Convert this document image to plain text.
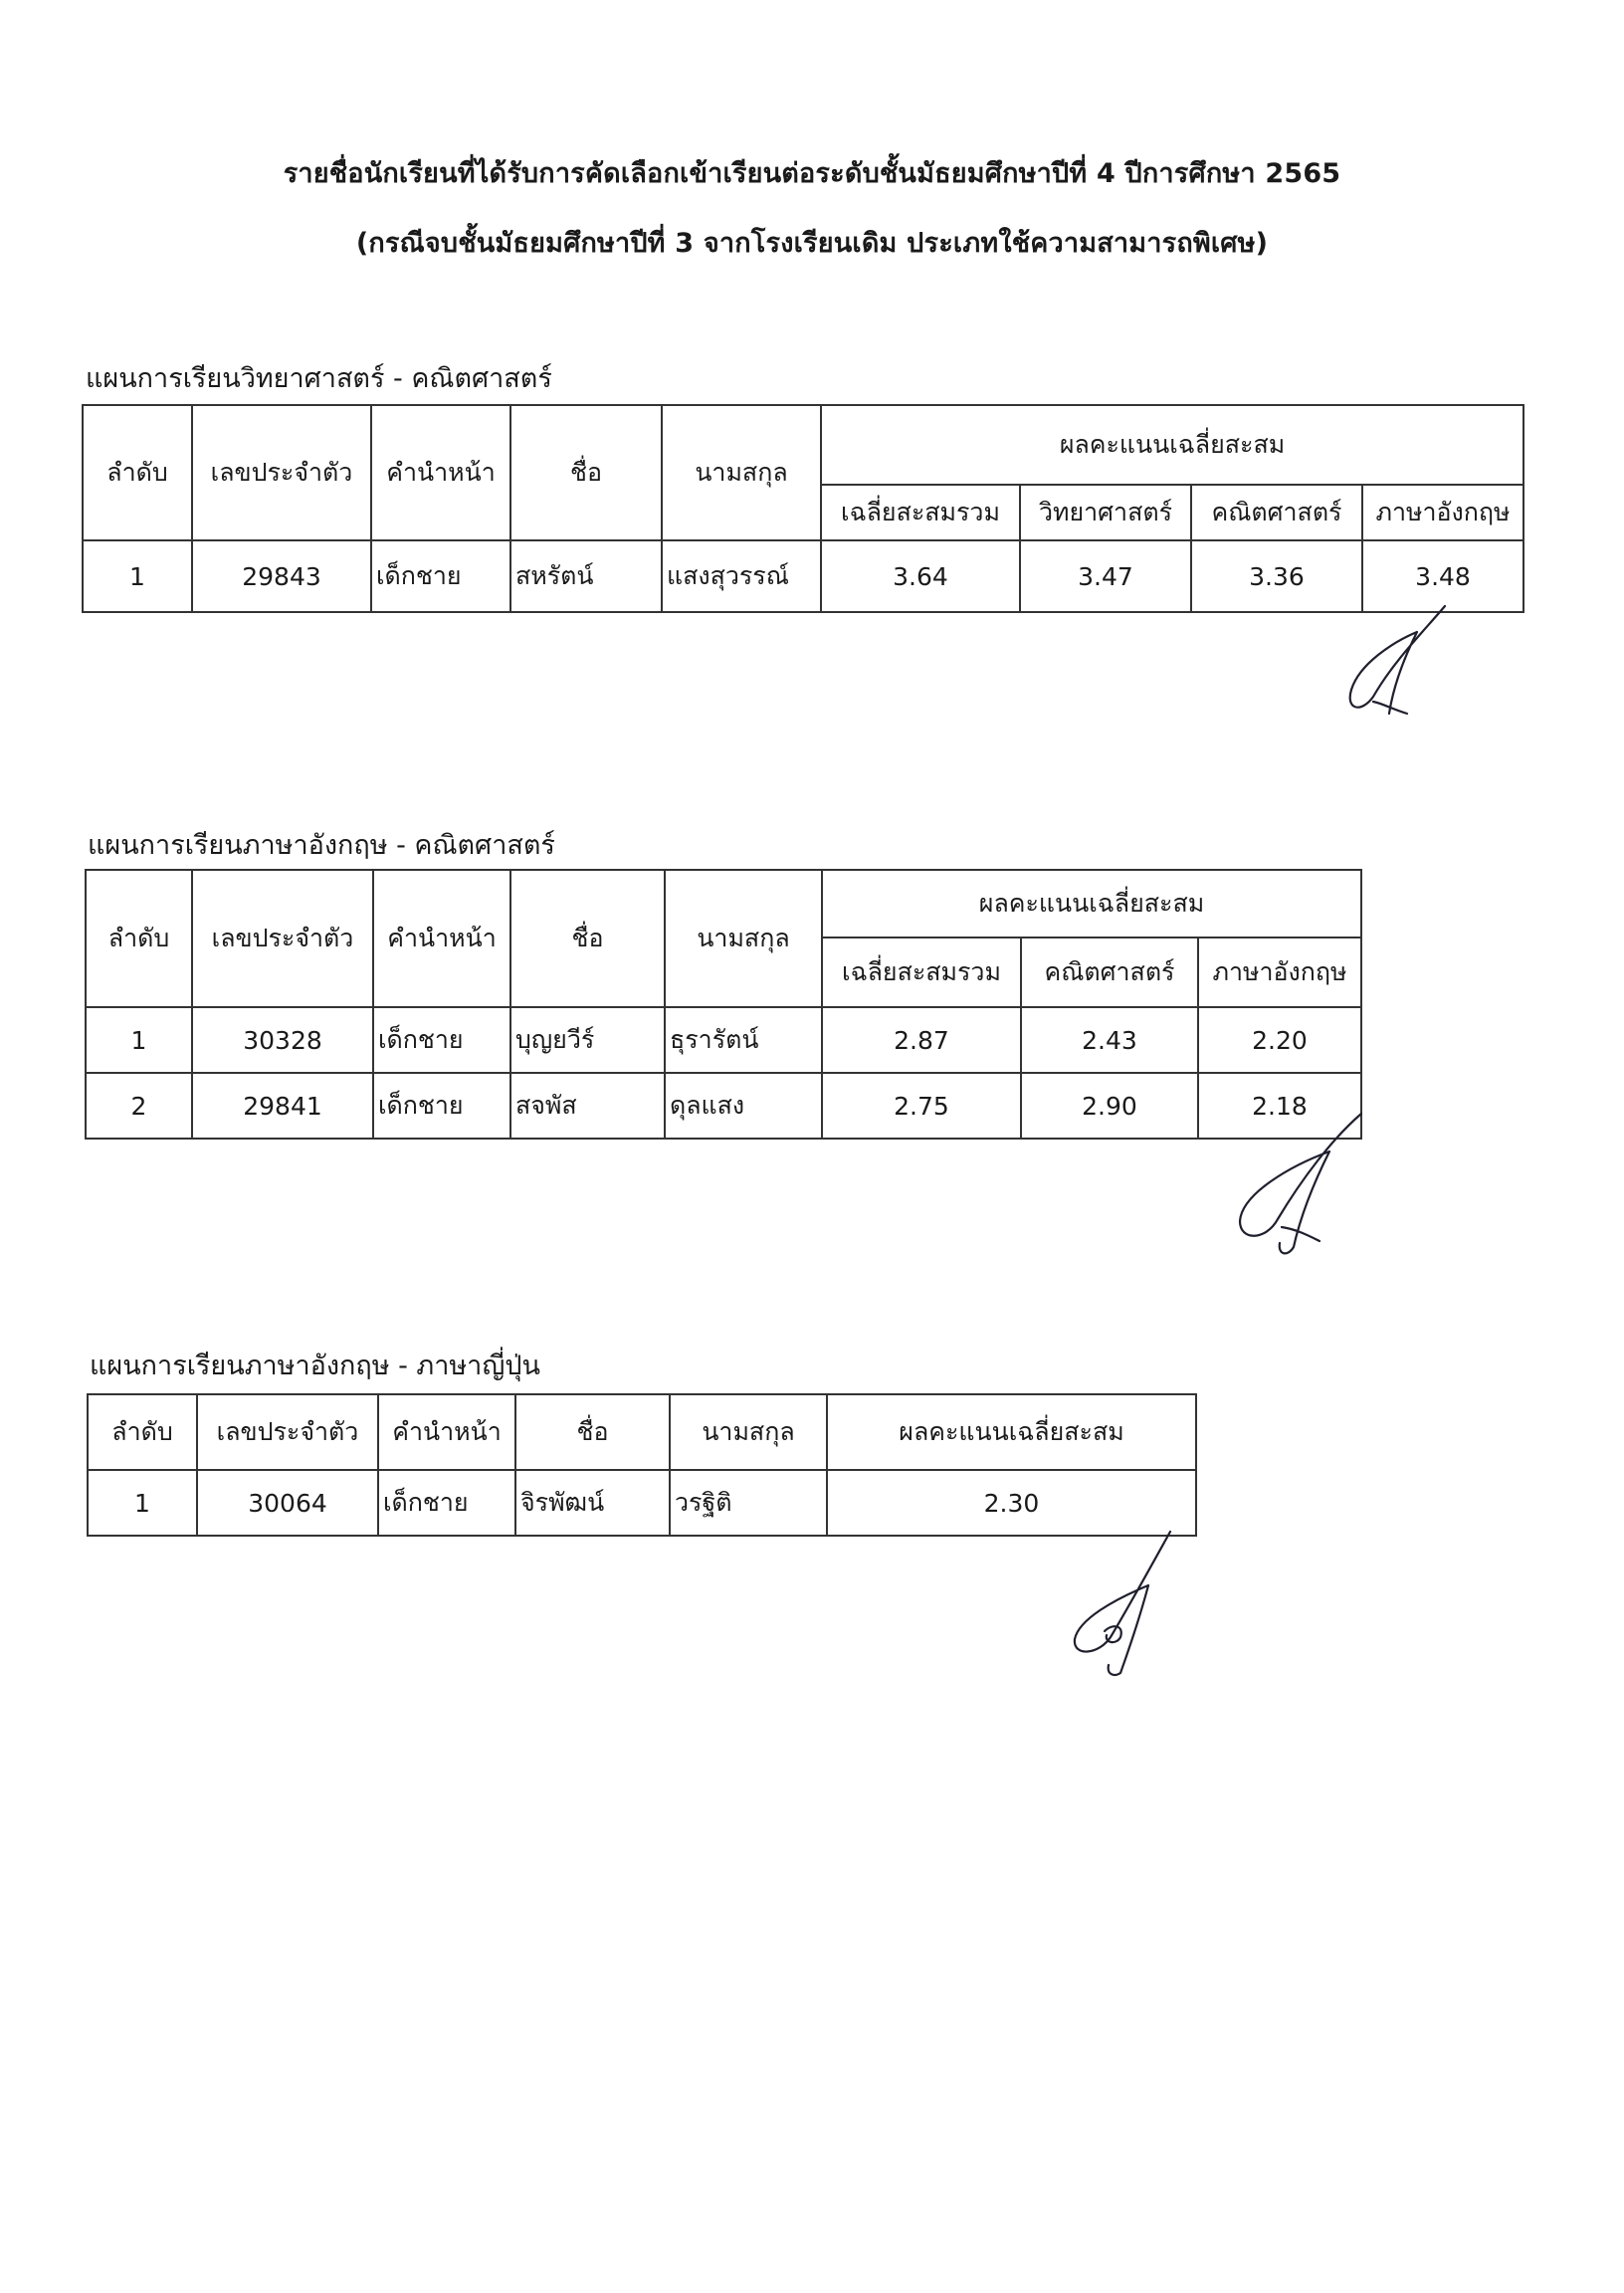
รายชื่อนักเรียนที่ได้รับการคัดเลือกเข้าเรียนต่อระดับชั้นมัธยมศึกษาปีที่ 4 ปีการศึกษา 2565
(กรณีจบชั้นมัธยมศึกษาปีที่ 3 จากโรงเรียนเดิม ประเภทใช้ความสามารถพิเศษ)
แผนการเรียนวิทยาศาสตร์ - คณิตศาสตร์
ลำดับ	เลขประจำตัว	คำนำหน้า	ชื่อ	นามสกุล	ผลคะแนนเฉลี่ยสะสม			
					เฉลี่ยสะสมรวม	วิทยาศาสตร์	คณิตศาสตร์	ภาษาอังกฤษ
1	29843	เด็กชาย	สหรัตน์	แสงสุวรรณ์	3.64	3.47	3.36	3.48
แผนการเรียนภาษาอังกฤษ - คณิตศาสตร์
ลำดับ	เลขประจำตัว	คำนำหน้า	ชื่อ	นามสกุล	ผลคะแนนเฉลี่ยสะสม		
					เฉลี่ยสะสมรวม	คณิตศาสตร์	ภาษาอังกฤษ
1	30328	เด็กชาย	บุญยวีร์	ธุรารัตน์	2.87	2.43	2.20
2	29841	เด็กชาย	สจพัส	ดุลแสง	2.75	2.90	2.18
แผนการเรียนภาษาอังกฤษ - ภาษาญี่ปุ่น
ลำดับ	เลขประจำตัว	คำนำหน้า	ชื่อ	นามสกุล	ผลคะแนนเฉลี่ยสะสม
1	30064	เด็กชาย	จิรพัฒน์	วรฐิติ	2.30
